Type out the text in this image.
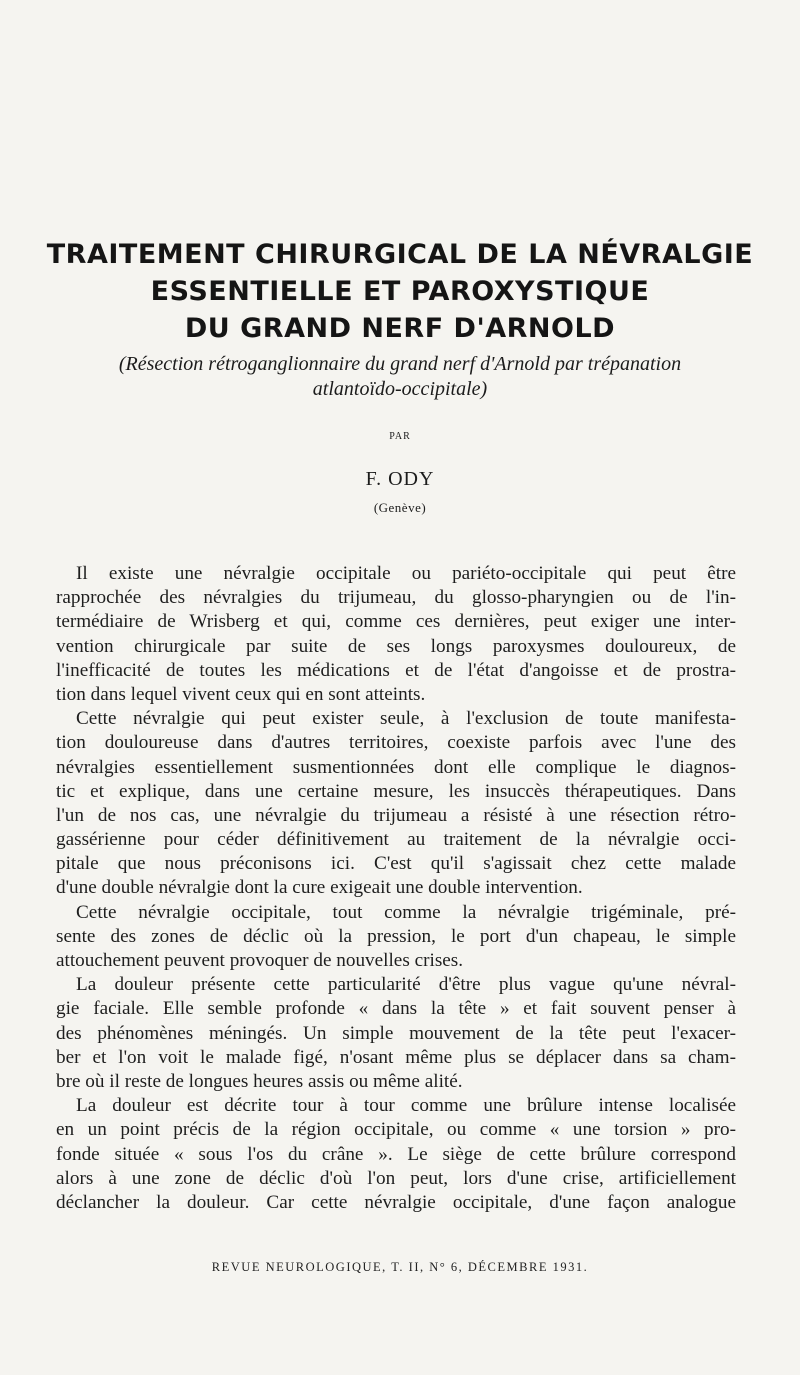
TRAITEMENT CHIRURGICAL DE LA NÉVRALGIE
ESSENTIELLE ET PAROXYSTIQUE
DU GRAND NERF D'ARNOLD
(Résection rétroganglionnaire du grand nerf d'Arnold par trépanation
atlantoïdo-occipitale)
PAR
F. ODY
(Genève)
Il existe une névralgie occipitale ou pariéto-occipitale qui peut être
rapprochée des névralgies du trijumeau, du glosso-pharyngien ou de l'in-
termédiaire de Wrisberg et qui, comme ces dernières, peut exiger une inter-
vention chirurgicale par suite de ses longs paroxysmes douloureux, de
l'inefficacité de toutes les médications et de l'état d'angoisse et de prostra-
tion dans lequel vivent ceux qui en sont atteints.
Cette névralgie qui peut exister seule, à l'exclusion de toute manifesta-
tion douloureuse dans d'autres territoires, coexiste parfois avec l'une des
névralgies essentiellement susmentionnées dont elle complique le diagnos-
tic et explique, dans une certaine mesure, les insuccès thérapeutiques. Dans
l'un de nos cas, une névralgie du trijumeau a résisté à une résection rétro-
gassérienne pour céder définitivement au traitement de la névralgie occi-
pitale que nous préconisons ici. C'est qu'il s'agissait chez cette malade
d'une double névralgie dont la cure exigeait une double intervention.
Cette névralgie occipitale, tout comme la névralgie trigéminale, pré-
sente des zones de déclic où la pression, le port d'un chapeau, le simple
attouchement peuvent provoquer de nouvelles crises.
La douleur présente cette particularité d'être plus vague qu'une névral-
gie faciale. Elle semble profonde « dans la tête » et fait souvent penser à
des phénomènes méningés. Un simple mouvement de la tête peut l'exacer-
ber et l'on voit le malade figé, n'osant même plus se déplacer dans sa cham-
bre où il reste de longues heures assis ou même alité.
La douleur est décrite tour à tour comme une brûlure intense localisée
en un point précis de la région occipitale, ou comme « une torsion » pro-
fonde située « sous l'os du crâne ». Le siège de cette brûlure correspond
alors à une zone de déclic d'où l'on peut, lors d'une crise, artificiellement
déclancher la douleur. Car cette névralgie occipitale, d'une façon analogue
REVUE NEUROLOGIQUE, T. II, N° 6, DÉCEMBRE 1931.
